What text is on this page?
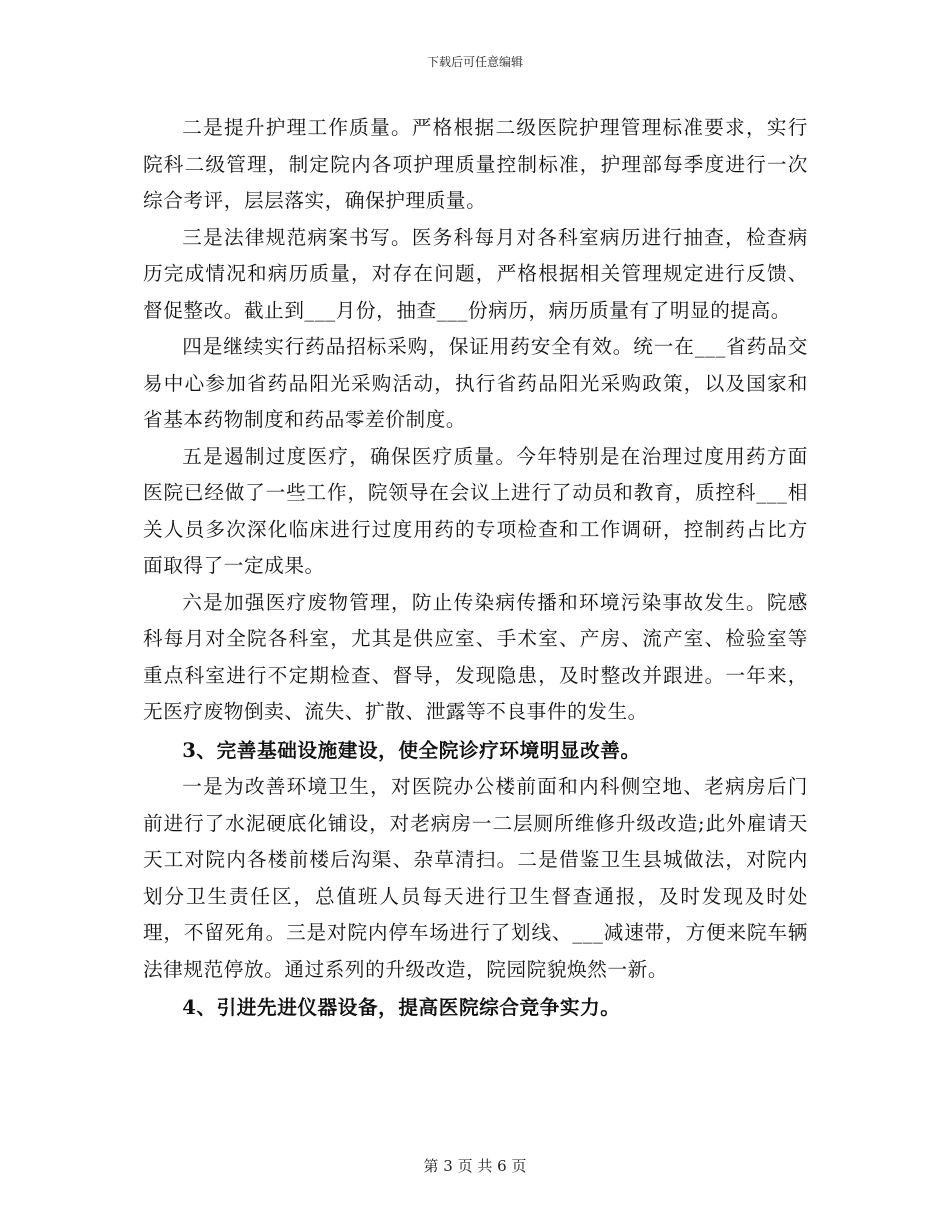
下载后可任意编辑

二是提升护理工作质量。严格根据二级医院护理管理标准要求，实行院科二级管理，制定院内各项护理质量控制标准，护理部每季度进行一次综合考评，层层落实，确保护理质量。

三是法律规范病案书写。医务科每月对各科室病历进行抽查，检查病历完成情况和病历质量，对存在问题，严格根据相关管理规定进行反馈、督促整改。截止到___月份，抽查___份病历，病历质量有了明显的提高。

四是继续实行药品招标采购，保证用药安全有效。统一在___省药品交易中心参加省药品阳光采购活动，执行省药品阳光采购政策，以及国家和省基本药物制度和药品零差价制度。

五是遏制过度医疗，确保医疗质量。今年特别是在治理过度用药方面医院已经做了一些工作，院领导在会议上进行了动员和教育，质控科___相关人员多次深化临床进行过度用药的专项检查和工作调研，控制药占比方面取得了一定成果。

六是加强医疗废物管理，防止传染病传播和环境污染事故发生。院感科每月对全院各科室，尤其是供应室、手术室、产房、流产室、检验室等重点科室进行不定期检查、督导，发现隐患，及时整改并跟进。一年来，无医疗废物倒卖、流失、扩散、泄露等不良事件的发生。

3、完善基础设施建设，使全院诊疗环境明显改善。

一是为改善环境卫生，对医院办公楼前面和内科侧空地、老病房后门前进行了水泥硬底化铺设，对老病房一二层厕所维修升级改造;此外雇请天天工对院内各楼前楼后沟渠、杂草清扫。二是借鉴卫生县城做法，对院内划分卫生责任区，总值班人员每天进行卫生督查通报，及时发现及时处理，不留死角。三是对院内停车场进行了划线、___减速带，方便来院车辆法律规范停放。通过系列的升级改造，院园院貌焕然一新。

4、引进先进仪器设备，提高医院综合竞争实力。

第 3 页 共 6 页
